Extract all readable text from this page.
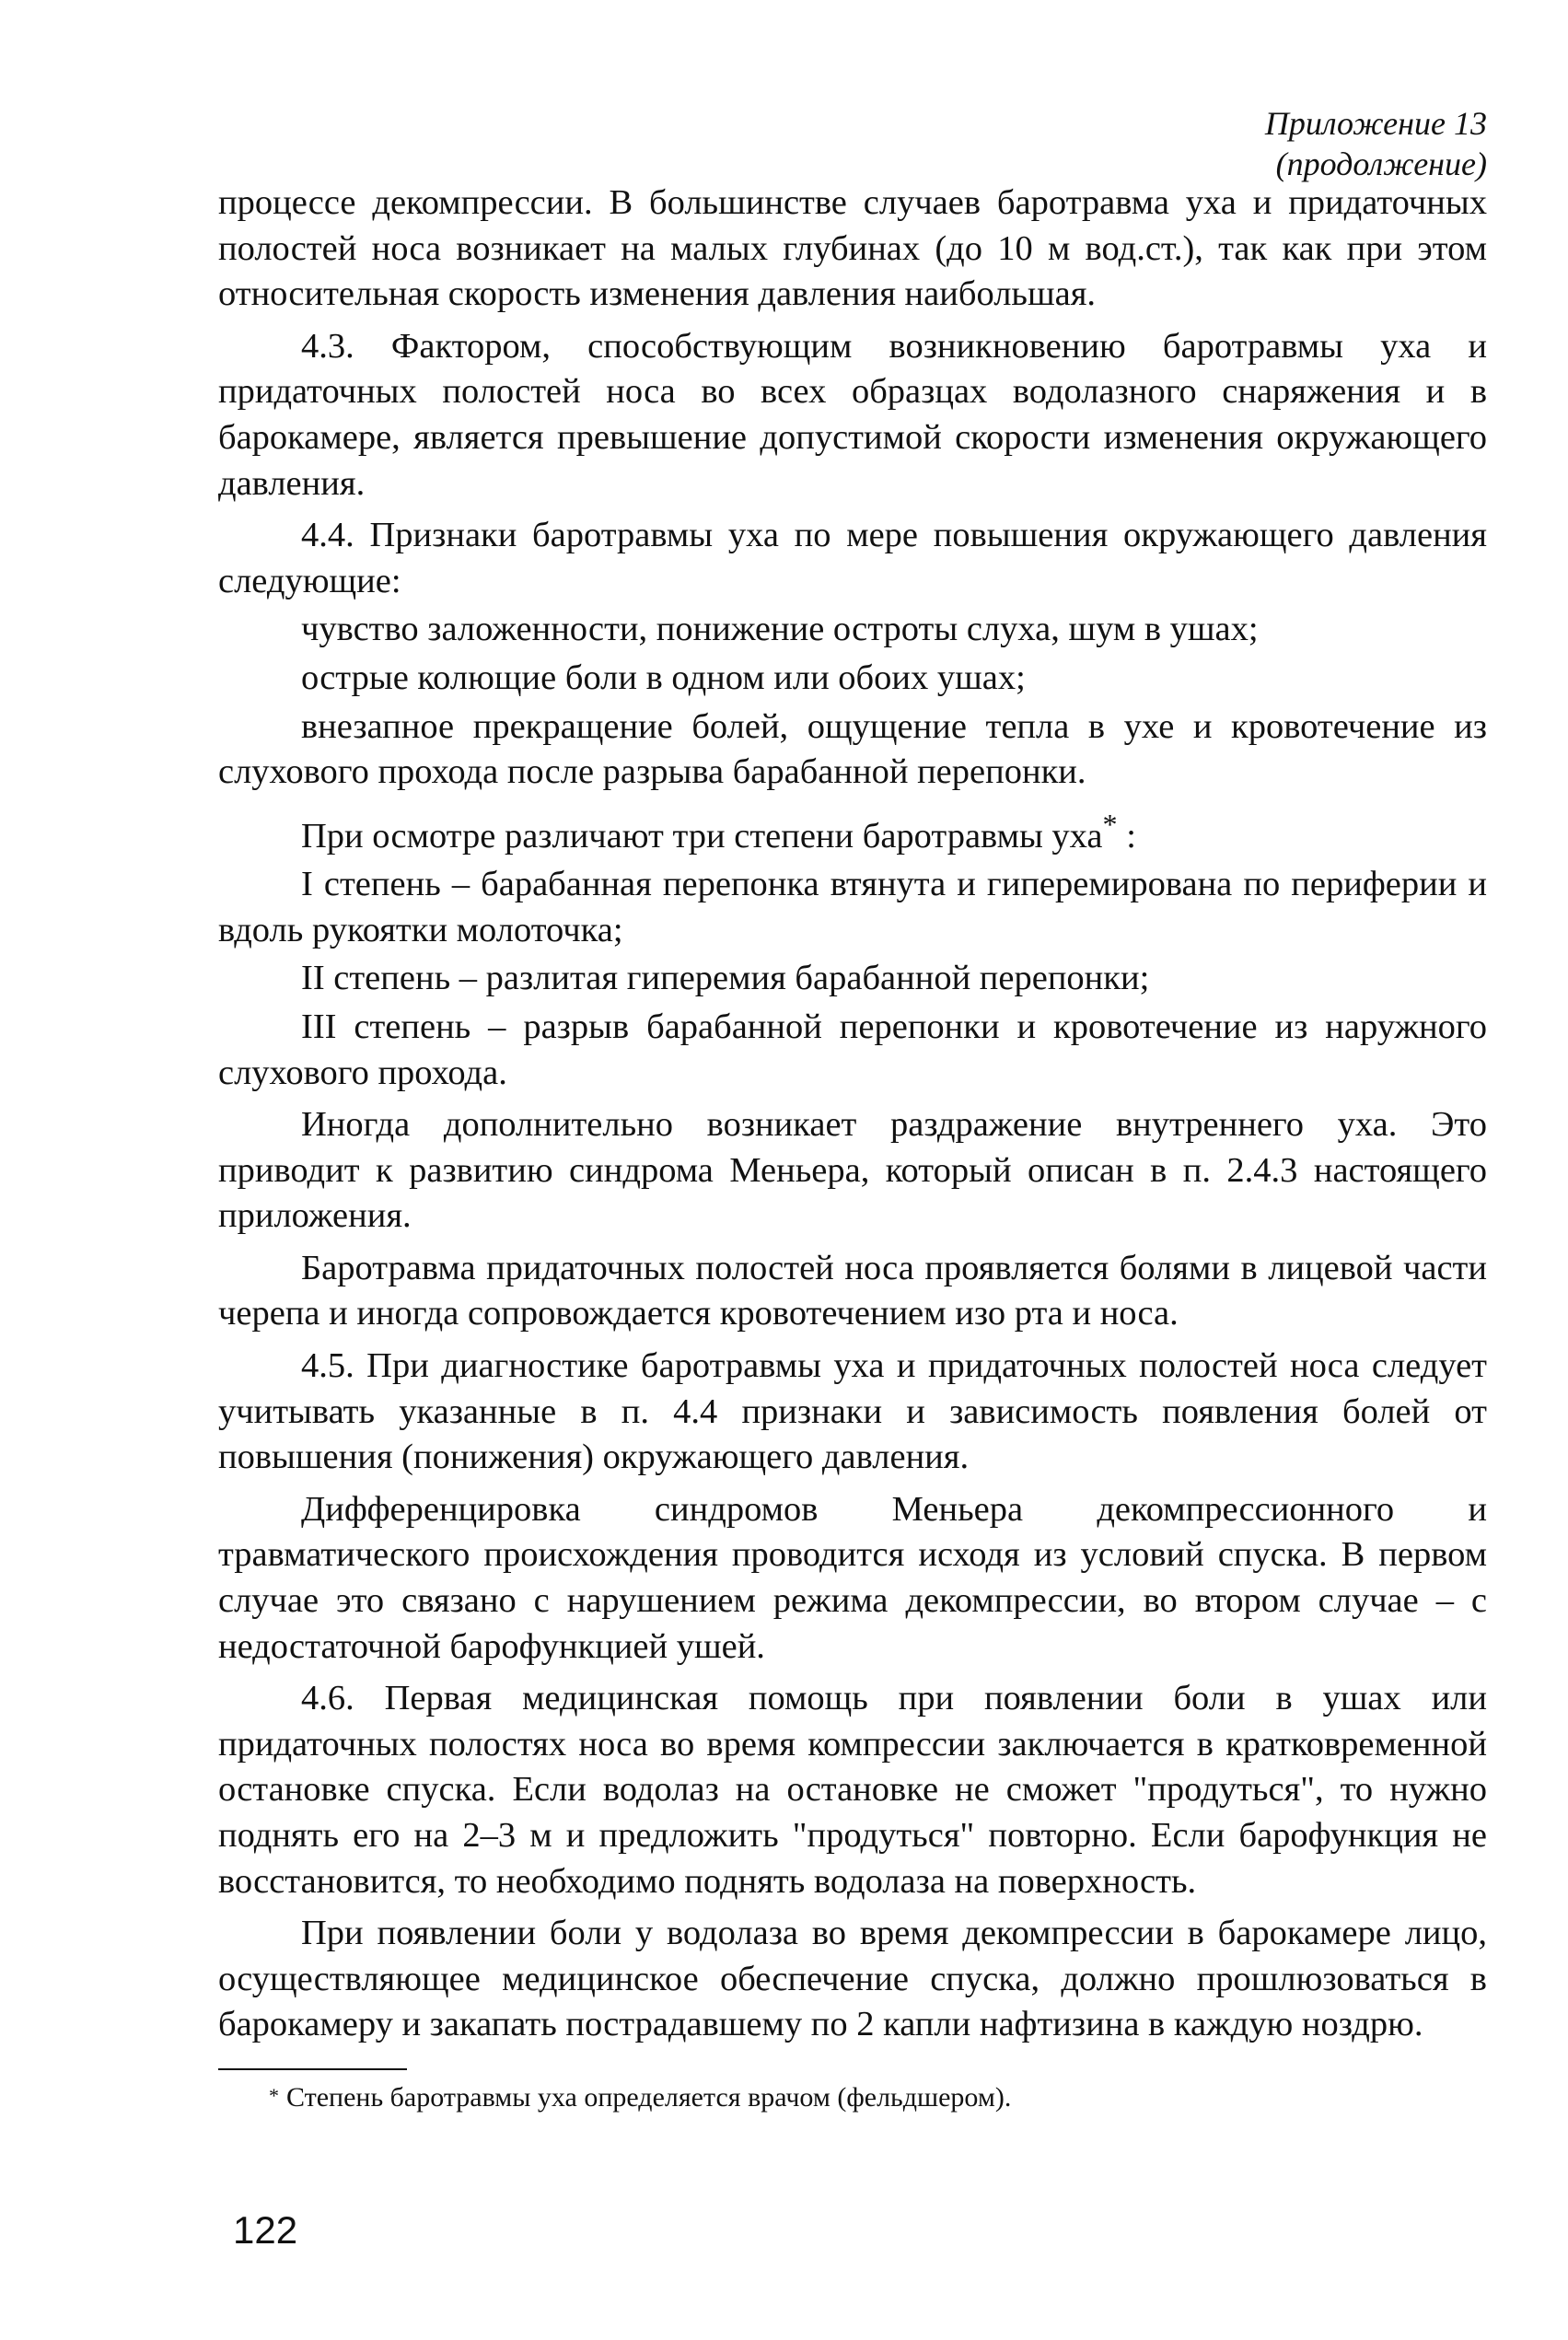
Приложение 13
(продолжение)

процессе декомпрессии. В большинстве случаев баротравма уха и придаточных полостей носа возникает на малых глубинах (до 10 м вод.ст.), так как при этом относительная скорость изменения давления наибольшая.

4.3. Фактором, способствующим возникновению баротравмы уха и придаточных полостей носа во всех образцах водолазного снаряжения и в барокамере, является превышение допустимой скорости изменения окружающего давления.

4.4. Признаки баротравмы уха по мере повышения окружающего давления следующие:

чувство заложенности, понижение остроты слуха, шум в ушах;

острые колющие боли в одном или обоих ушах;

внезапное прекращение болей, ощущение тепла в ухе и кровотечение из слухового прохода после разрыва барабанной перепонки.

При осмотре различают три степени баротравмы уха* :

I степень – барабанная перепонка втянута и гиперемирована по периферии и вдоль рукоятки молоточка;

II степень – разлитая гиперемия барабанной перепонки;

III степень – разрыв барабанной перепонки и кровотечение из наружного слухового прохода.

Иногда дополнительно возникает раздражение внутреннего уха. Это приводит к развитию синдрома Меньера, который описан в п. 2.4.3 настоящего приложения.

Баротравма придаточных полостей носа проявляется болями в лицевой части черепа и иногда сопровождается кровотечением изо рта и носа.

4.5. При диагностике баротравмы уха и придаточных полостей носа следует учитывать указанные в п. 4.4 признаки и зависимость появления болей от повышения (понижения) окружающего давления.

Дифференцировка синдромов Меньера декомпрессионного и травматического происхождения проводится исходя из условий спуска. В первом случае это связано с нарушением режима декомпрессии, во втором случае – с недостаточной барофункцией ушей.

4.6. Первая медицинская помощь при появлении боли в ушах или придаточных полостях носа во время компрессии заключается в кратковременной остановке спуска. Если водолаз на остановке не сможет "продуться", то нужно поднять его на 2–3 м и предложить "продуться" повторно. Если барофункция не восстановится, то необходимо поднять водолаза на поверхность.

При появлении боли у водолаза во время декомпрессии в барокамере лицо, осуществляющее медицинское обеспечение спуска, должно прошлюзоваться в барокамеру и закапать пострадавшему по 2 капли нафтизина в каждую ноздрю.

* Степень баротравмы уха определяется врачом (фельдшером).
122
